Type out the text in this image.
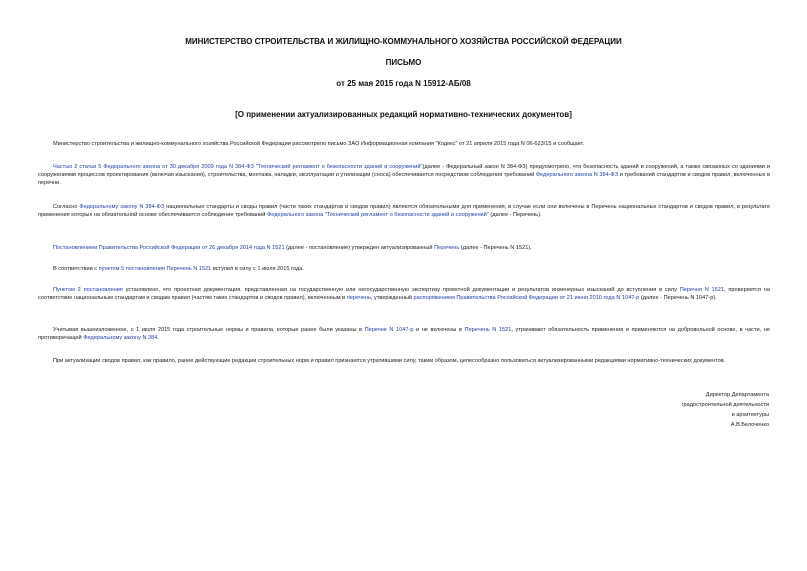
МИНИСТЕРСТВО СТРОИТЕЛЬСТВА И ЖИЛИЩНО-КОММУНАЛЬНОГО ХОЗЯЙСТВА РОССИЙСКОЙ ФЕДЕРАЦИИ
ПИСЬМО
от 25 мая 2015 года N 15912-АБ/08
[О применении актуализированных редакций нормативно-технических документов]

Министерство строительства и жилищно-коммунального хозяйства Российской Федерации рассмотрело письмо ЗАО Информационная компания "Кодекс" от 21 апреля 2015 года N 06-623/15 и сообщает.

Частью 2 статьи 5 Федерального закона от 30 декабря 2009 года N 384-ФЗ "Технический регламент о безопасности зданий и сооружений"(далее - Федеральный закон N 384-ФЗ) предусмотрено, что безопасность зданий и сооружений, а также связанных со зданиями и сооружениями процессов проектирования (включая изыскания), строительства, монтажа, наладки, эксплуатации и утилизации (сноса) обеспечивается посредством соблюдения требований Федерального закона N 384-ФЗ и требований стандартов и сводов правил, включенных в перечни.

Согласно Федеральному закону N 384-ФЗ национальные стандарты и своды правил (части таких стандартов и сводов правил) являются обязательными для применения, в случае если они включены в Перечень национальных стандартов и сводов правил, в результате применения которых на обязательной основе обеспечивается соблюдение требований Федерального закона "Технический регламент о безопасности зданий и сооружений" (далее - Перечень).

Постановлением Правительства Российской Федерации от 26 декабря 2014 года N 1521 (далее - постановление) утвержден актуализированный Перечень (далее - Перечень N 1521).

В соответствии с пунктом 5 постановления Перечень N 1521 вступил в силу с 1 июля 2015 года.

Пунктом 2 постановления установлено, что проектная документация, представленная на государственную или негосударственную экспертизу проектной документации и результатов инженерных изысканий до вступления в силу Перечня N 1521, проверяется на соответствие национальным стандартам и сводам правил (частям таких стандартов и сводов правил), включенным в перечень, утвержденный распоряжением Правительства Российской Федерации от 21 июня 2010 года N 1047-р (далее - Перечень N 1047-р).

Учитывая вышеизложенное, с 1 июля 2015 года строительные нормы и правила, которые ранее были указаны в Перечне N 1047-р и не включены в Перечень N 1521, утрачивают обязательность применения и применяются на добровольной основе, в части, не противоречащей Федеральному закону N 384.

При актуализации сводов правил, как правило, ранее действующие редакции строительных норм и правил признаются утратившими силу, таким образом, целесообразно пользоваться актуализированными редакциями нормативно-технических документов.

Директор Департамента
градостроительной деятельности
и архитектуры
А.В.Белоченко
